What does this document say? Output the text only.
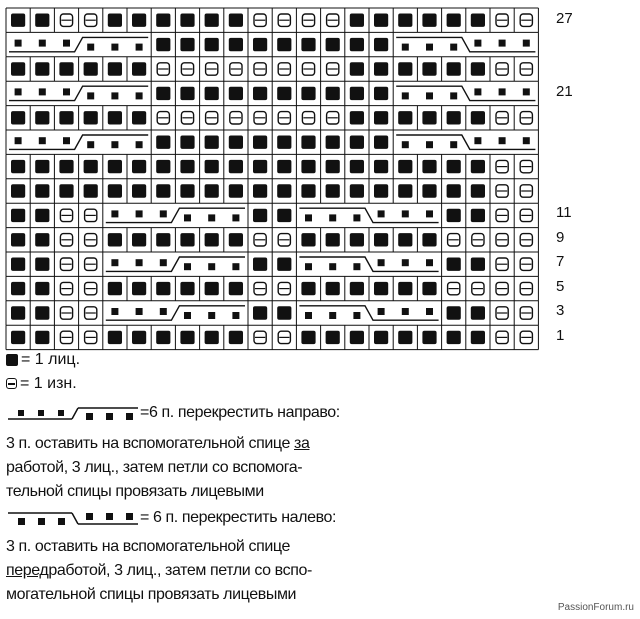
27
21
11
9
7
5
3
1
= 1 лиц.
= 1 изн.
=6 п. перекрестить направо:
3 п. оставить на вспомогательной спице за
работой, 3 лиц., затем петли со вспомога-
тельной спицы провязать лицевыми
= 6 п. перекрестить налево:
3 п. оставить на вспомогательной спице
передработой, 3 лиц., затем петли со вспо-
могательной спицы провязать лицевыми
PassionForum.ru
